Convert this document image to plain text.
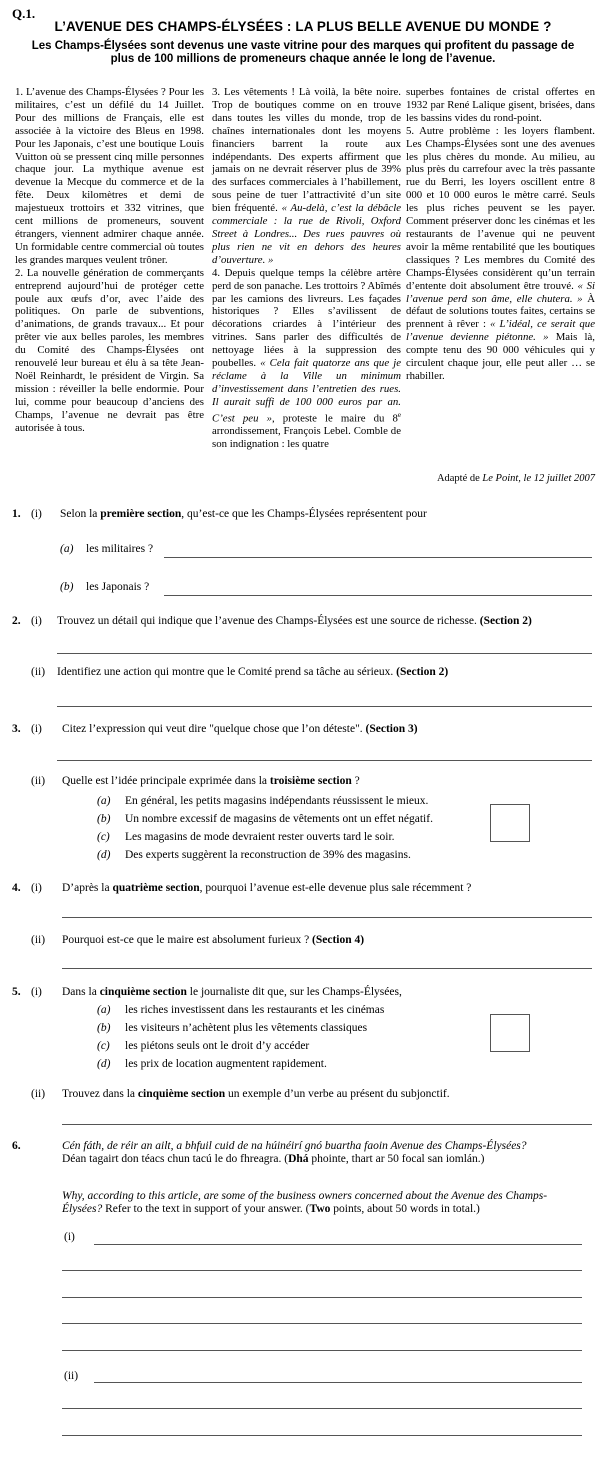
Q.1.
L’AVENUE DES CHAMPS-ÉLYSÉES : LA PLUS BELLE AVENUE DU MONDE ?
Les Champs-Élysées sont devenus une vaste vitrine pour des marques qui profitent du passage de plus de 100 millions de promeneurs chaque année le long de l’avenue.

1. L’avenue des Champs-Élysées ? Pour les militaires, c’est un défilé du 14 Juillet. Pour des millions de Français, elle est associée à la victoire des Bleus en 1998. Pour les Japonais, c’est une boutique Louis Vuitton où se pressent cinq mille personnes chaque jour. La mythique avenue est devenue la Mecque du commerce et de la fête. Deux kilomètres et demi de majestueux trottoirs et 332 vitrines, que cent millions de promeneurs, souvent étrangers, viennent admirer chaque année. Un formidable centre commercial où toutes les grandes marques veulent trôner.

2. La nouvelle génération de commerçants entreprend aujourd’hui de protéger cette poule aux œufs d’or, avec l’aide des politiques. On parle de subventions, d’animations, de grands travaux... Et pour prêter vie aux belles paroles, les membres du Comité des Champs-Élysées ont renouvelé leur bureau et élu à sa tête Jean-Noël Reinhardt, le président de Virgin. Sa mission : réveiller la belle endormie. Pour lui, comme pour beaucoup d’anciens des Champs, l’avenue ne devrait pas être autorisée à tous.

3. Les vêtements ! Là voilà, la bête noire. Trop de boutiques comme on en trouve dans toutes les villes du monde, trop de chaînes internationales dont les moyens financiers barrent la route aux indépendants. Des experts affirment que jamais on ne devrait réserver plus de 39% des surfaces commerciales à l’habillement, sous peine de tuer l’attractivité d’un site bien fréquenté. « Au-delà, c’est la débâcle commerciale : la rue de Rivoli, Oxford Street à Londres... Des rues pauvres où plus rien ne vit en dehors des heures d’ouverture. »

4. Depuis quelque temps la célèbre artère perd de son panache. Les trottoirs ? Abîmés par les camions des livreurs. Les façades historiques ? Elles s’avilissent de décorations criardes à l’intérieur des vitrines. Sans parler des difficultés de nettoyage liées à la suppression des poubelles. « Cela fait quatorze ans que je réclame à la Ville un minimum d’investissement dans l’entretien des rues. Il aurait suffi de 100 000 euros par an. C’est peu », proteste le maire du 8e arrondissement, François Lebel. Comble de son indignation : les quatre

superbes fontaines de cristal offertes en 1932 par René Lalique gisent, brisées, dans les bassins vides du rond-point.

5. Autre problème : les loyers flambent. Les Champs-Élysées sont une des avenues les plus chères du monde. Au milieu, au plus près du carrefour avec la très passante rue du Berri, les loyers oscillent entre 8 000 et 10 000 euros le mètre carré. Seuls les plus riches peuvent se les payer. Comment préserver donc les cinémas et les restaurants de l’avenue qui ne peuvent avoir la même rentabilité que les boutiques classiques ? Les membres du Comité des Champs-Élysées considèrent qu’un terrain d’entente doit absolument être trouvé. « Si l’avenue perd son âme, elle chutera. » À défaut de solutions toutes faites, certains se prennent à rêver : « L’idéal, ce serait que l’avenue devienne piétonne. » Mais là, compte tenu des 90 000 véhicules qui y circulent chaque jour, elle peut aller … se rhabiller.

Adapté de Le Point, le 12 juillet 2007
1. (i) Selon la première section, qu’est-ce que les Champs-Élysées représentent pour
(a) les militaires ?
(b) les Japonais ?
2. (i) Trouvez un détail qui indique que l’avenue des Champs-Élysées est une source de richesse. (Section 2)
(ii) Identifiez une action qui montre que le Comité prend sa tâche au sérieux. (Section 2)
3. (i) Citez l’expression qui veut dire "quelque chose que l’on déteste". (Section 3)
(ii) Quelle est l’idée principale exprimée dans la troisième section ?
(a) En général, les petits magasins indépendants réussissent le mieux.
(b) Un nombre excessif de magasins de vêtements ont un effet négatif.
(c) Les magasins de mode devraient rester ouverts tard le soir.
(d) Des experts suggèrent la reconstruction de 39% des magasins.
4. (i) D’après la quatrième section, pourquoi l’avenue est-elle devenue plus sale récemment ?
(ii) Pourquoi est-ce que le maire est absolument furieux ? (Section 4)
5. (i) Dans la cinquième section le journaliste dit que, sur les Champs-Élysées,
(a) les riches investissent dans les restaurants et les cinémas
(b) les visiteurs n’achètent plus les vêtements classiques
(c) les piétons seuls ont le droit d’y accéder
(d) les prix de location augmentent rapidement.
(ii) Trouvez dans la cinquième section un exemple d’un verbe au présent du subjonctif.
6.	Cén fáth, de réir an ailt, a bhfuil cuid de na húinéirí gnó buartha faoin Avenue des Champs-Élysées? Déan tagairt don téacs chun tacú le do fhreagra. (Dhá phointe, thart ar 50 focal san iomlán.)
Why, according to this article, are some of the business owners concerned about the Avenue des Champs-Élysées? Refer to the text in support of your answer. (Two points, about 50 words in total.)
(i)
(ii)
